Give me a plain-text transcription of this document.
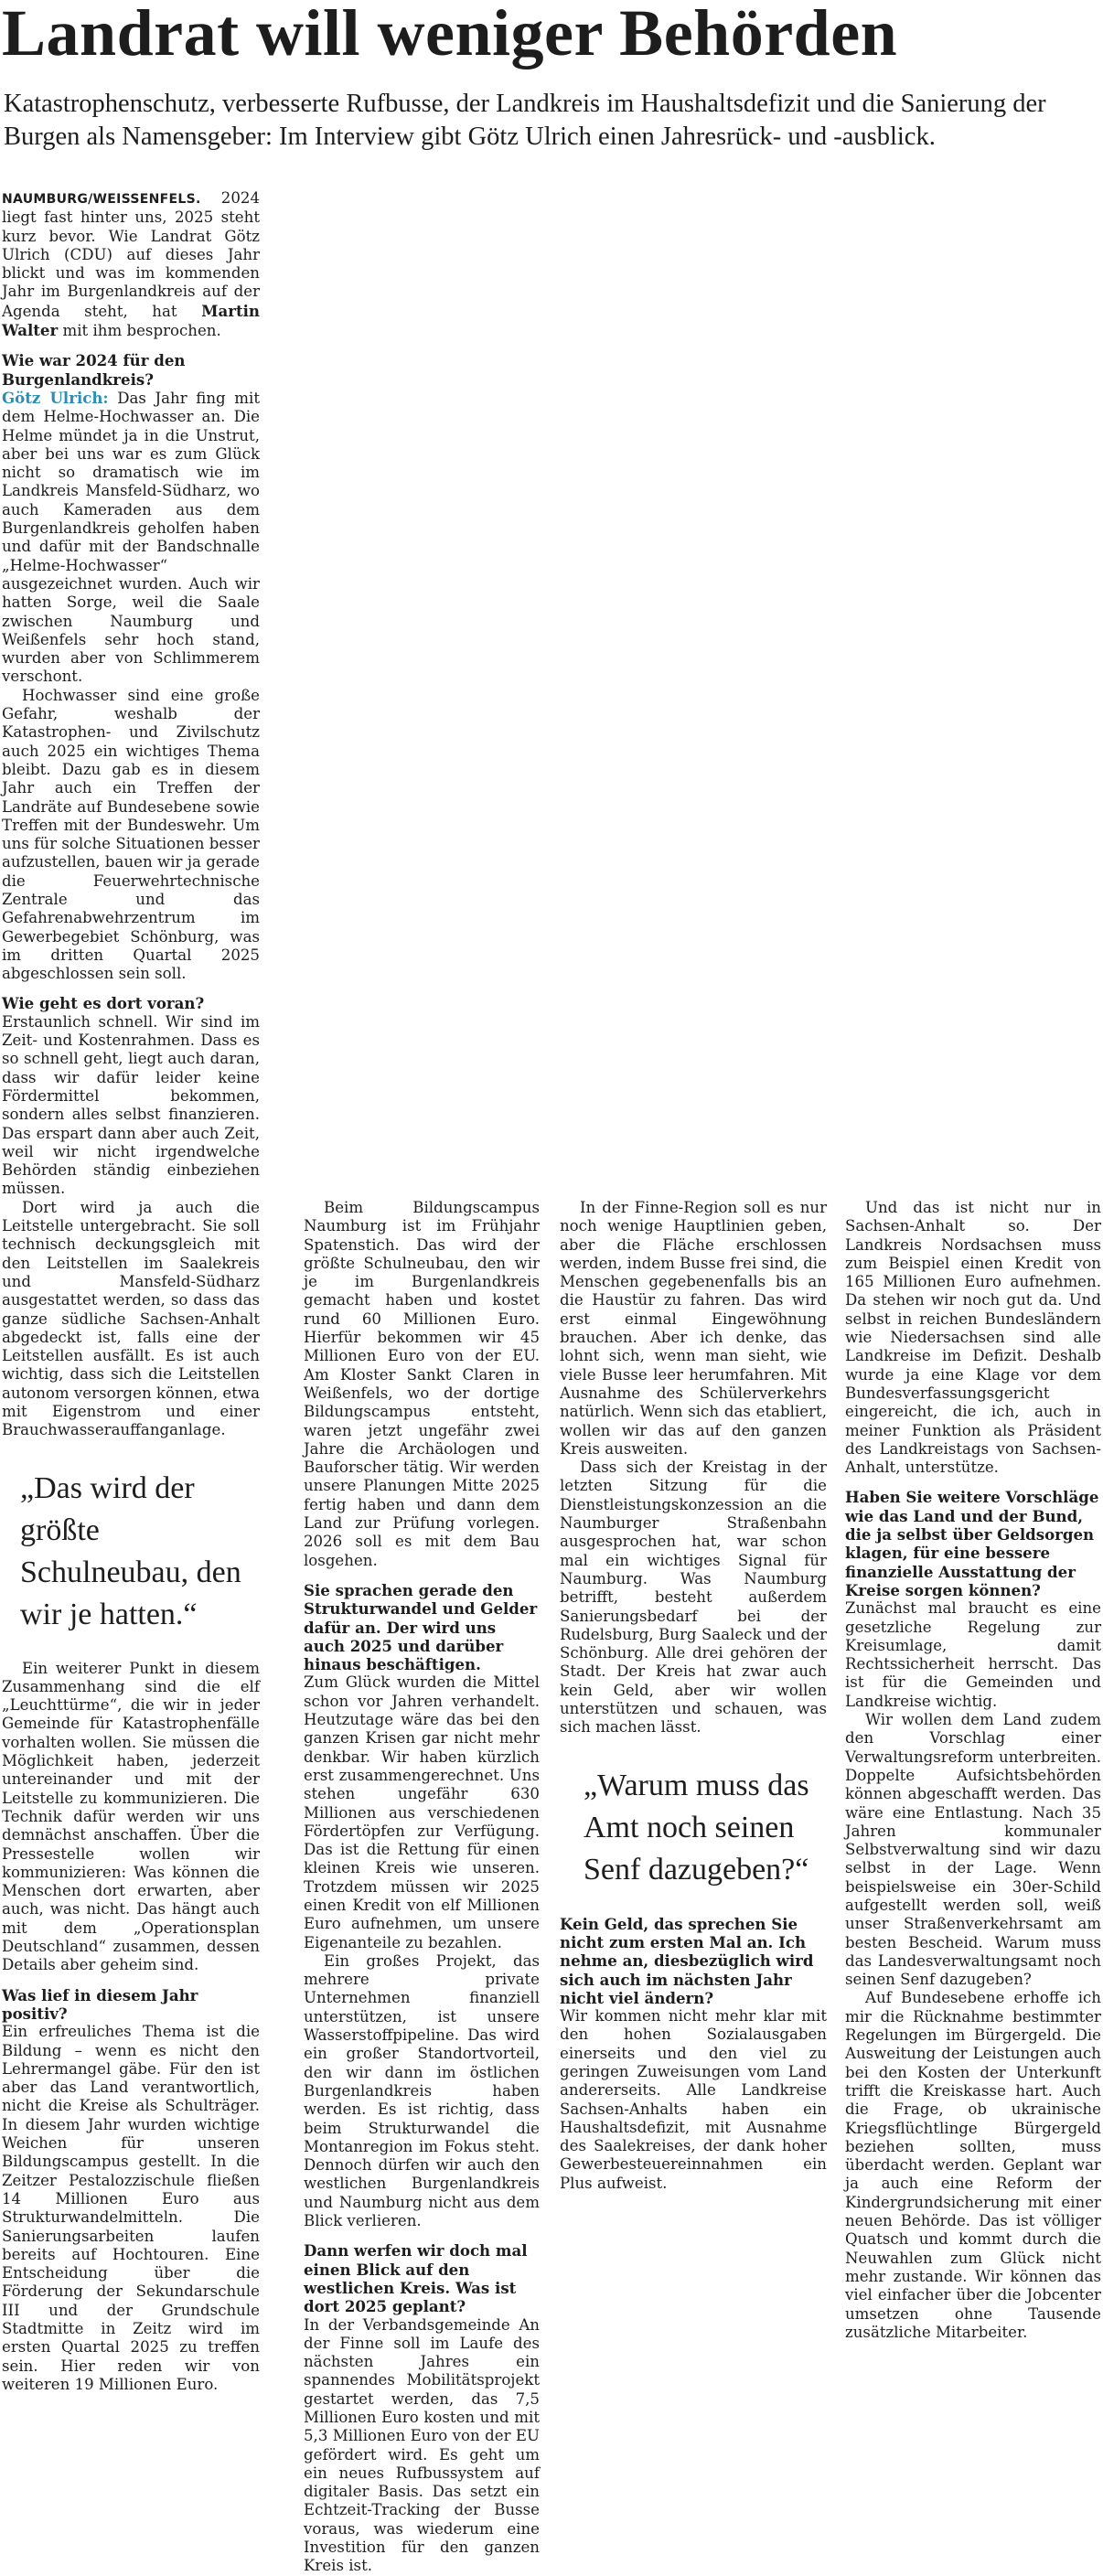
Landrat will weniger Behörden

Katastrophenschutz, verbesserte Rufbusse, der Landkreis im Haushaltsdefizit und die Sanierung der Burgen als Namensgeber: Im Interview gibt Götz Ulrich einen Jahresrück- und -ausblick.

NAUMBURG/WEISSENFELS. 2024 liegt fast hinter uns, 2025 steht kurz bevor. Wie Landrat Götz Ulrich (CDU) auf dieses Jahr blickt und was im kommenden Jahr im Burgenlandkreis auf der Agenda steht, hat Martin Walter mit ihm besprochen.

Wie war 2024 für den Burgenlandkreis?

Götz Ulrich: Das Jahr fing mit dem Helme-Hochwasser an. Die Helme mündet ja in die Unstrut, aber bei uns war es zum Glück nicht so dramatisch wie im Landkreis Mansfeld-Südharz, wo auch Kameraden aus dem Burgenlandkreis geholfen haben und dafür mit der Bandschnalle „Helme-Hochwasser“ ausgezeichnet wurden. Auch wir hatten Sorge, weil die Saale zwischen Naumburg und Weißenfels sehr hoch stand, wurden aber von Schlimmerem verschont.

Hochwasser sind eine große Gefahr, weshalb der Katastrophen- und Zivilschutz auch 2025 ein wichtiges Thema bleibt. Dazu gab es in diesem Jahr auch ein Treffen der Landräte auf Bundesebene sowie Treffen mit der Bundeswehr. Um uns für solche Situationen besser aufzustellen, bauen wir ja gerade die Feuerwehrtechnische Zentrale und das Gefahrenabwehrzentrum im Gewerbegebiet Schönburg, was im dritten Quartal 2025 abgeschlossen sein soll.

Wie geht es dort voran?

Erstaunlich schnell. Wir sind im Zeit- und Kostenrahmen. Dass es so schnell geht, liegt auch daran, dass wir dafür leider keine Fördermittel bekommen, sondern alles selbst finanzieren. Das erspart dann aber auch Zeit, weil wir nicht irgendwelche Behörden ständig einbeziehen müssen.

Dort wird ja auch die Leitstelle untergebracht. Sie soll technisch deckungsgleich mit den Leitstellen im Saalekreis und Mansfeld-Südharz ausgestattet werden, so dass das ganze südliche Sachsen-Anhalt abgedeckt ist, falls eine der Leitstellen ausfällt. Es ist auch wichtig, dass sich die Leitstellen autonom versorgen können, etwa mit Eigenstrom und einer Brauchwasserauffanganlage.

„Das wird der größte Schulneubau, den wir je hatten.“

Ein weiterer Punkt in diesem Zusammenhang sind die elf „Leuchttürme“, die wir in jeder Gemeinde für Katastrophenfälle vorhalten wollen. Sie müssen die Möglichkeit haben, jederzeit untereinander und mit der Leitstelle zu kommunizieren. Die Technik dafür werden wir uns demnächst anschaffen. Über die Pressestelle wollen wir kommunizieren: Was können die Menschen dort erwarten, aber auch, was nicht. Das hängt auch mit dem „Operationsplan Deutschland“ zusammen, dessen Details aber geheim sind.

Was lief in diesem Jahr positiv?

Ein erfreuliches Thema ist die Bildung – wenn es nicht den Lehrermangel gäbe. Für den ist aber das Land verantwortlich, nicht die Kreise als Schulträger. In diesem Jahr wurden wichtige Weichen für unseren Bildungscampus gestellt. In die Zeitzer Pestalozzischule fließen 14 Millionen Euro aus Strukturwandelmitteln. Die Sanierungsarbeiten laufen bereits auf Hochtouren. Eine Entscheidung über die Förderung der Sekundarschule III und der Grundschule Stadtmitte in Zeitz wird im ersten Quartal 2025 zu treffen sein. Hier reden wir von weiteren 19 Millionen Euro.

Beim Bildungscampus Naumburg ist im Frühjahr Spatenstich. Das wird der größte Schulneubau, den wir je im Burgenlandkreis gemacht haben und kostet rund 60 Millionen Euro. Hierfür bekommen wir 45 Millionen Euro von der EU. Am Kloster Sankt Claren in Weißenfels, wo der dortige Bildungscampus entsteht, waren jetzt ungefähr zwei Jahre die Archäologen und Bauforscher tätig. Wir werden unsere Planungen Mitte 2025 fertig haben und dann dem Land zur Prüfung vorlegen. 2026 soll es mit dem Bau losgehen.

Sie sprachen gerade den Strukturwandel und Gelder dafür an. Der wird uns auch 2025 und darüber hinaus beschäftigen.

Zum Glück wurden die Mittel schon vor Jahren verhandelt. Heutzutage wäre das bei den ganzen Krisen gar nicht mehr denkbar. Wir haben kürzlich erst zusammengerechnet. Uns stehen ungefähr 630 Millionen aus verschiedenen Fördertöpfen zur Verfügung. Das ist die Rettung für einen kleinen Kreis wie unseren. Trotzdem müssen wir 2025 einen Kredit von elf Millionen Euro aufnehmen, um unsere Eigenanteile zu bezahlen.

Ein großes Projekt, das mehrere private Unternehmen finanziell unterstützen, ist unsere Wasserstoffpipeline. Das wird ein großer Standortvorteil, den wir dann im östlichen Burgenlandkreis haben werden. Es ist richtig, dass beim Strukturwandel die Montanregion im Fokus steht. Dennoch dürfen wir auch den westlichen Burgenlandkreis und Naumburg nicht aus dem Blick verlieren.

Dann werfen wir doch mal einen Blick auf den westlichen Kreis. Was ist dort 2025 geplant?

In der Verbandsgemeinde An der Finne soll im Laufe des nächsten Jahres ein spannendes Mobilitätsprojekt gestartet werden, das 7,5 Millionen Euro kosten und mit 5,3 Millionen Euro von der EU gefördert wird. Es geht um ein neues Rufbussystem auf digitaler Basis. Das setzt ein Echtzeit-Tracking der Busse voraus, was wiederum eine Investition für den ganzen Kreis ist.

In der Finne-Region soll es nur noch wenige Hauptlinien geben, aber die Fläche erschlossen werden, indem Busse frei sind, die Menschen gegebenenfalls bis an die Haustür zu fahren. Das wird erst einmal Eingewöhnung brauchen. Aber ich denke, das lohnt sich, wenn man sieht, wie viele Busse leer herumfahren. Mit Ausnahme des Schülerverkehrs natürlich. Wenn sich das etabliert, wollen wir das auf den ganzen Kreis ausweiten.

Dass sich der Kreistag in der letzten Sitzung für die Dienstleistungskonzession an die Naumburger Straßenbahn ausgesprochen hat, war schon mal ein wichtiges Signal für Naumburg. Was Naumburg betrifft, besteht außerdem Sanierungsbedarf bei der Rudelsburg, Burg Saaleck und der Schönburg. Alle drei gehören der Stadt. Der Kreis hat zwar auch kein Geld, aber wir wollen unterstützen und schauen, was sich machen lässt.

„Warum muss das Amt noch seinen Senf dazugeben?“
Kein Geld, das sprechen Sie nicht zum ersten Mal an. Ich nehme an, diesbezüglich wird sich auch im nächsten Jahr nicht viel ändern?

Wir kommen nicht mehr klar mit den hohen Sozialausgaben einerseits und den viel zu geringen Zuweisungen vom Land andererseits. Alle Landkreise Sachsen-Anhalts haben ein Haushaltsdefizit, mit Ausnahme des Saalekreises, der dank hoher Gewerbesteuereinnahmen ein Plus aufweist.

Und das ist nicht nur in Sachsen-Anhalt so. Der Landkreis Nordsachsen muss zum Beispiel einen Kredit von 165 Millionen Euro aufnehmen. Da stehen wir noch gut da. Und selbst in reichen Bundesländern wie Niedersachsen sind alle Landkreise im Defizit. Deshalb wurde ja eine Klage vor dem Bundesverfassungsgericht eingereicht, die ich, auch in meiner Funktion als Präsident des Landkreistags von Sachsen-Anhalt, unterstütze.

Haben Sie weitere Vorschläge wie das Land und der Bund, die ja selbst über Geldsorgen klagen, für eine bessere finanzielle Ausstattung der Kreise sorgen können?

Zunächst mal braucht es eine gesetzliche Regelung zur Kreisumlage, damit Rechtssicherheit herrscht. Das ist für die Gemeinden und Landkreise wichtig.

Wir wollen dem Land zudem den Vorschlag einer Verwaltungsreform unterbreiten. Doppelte Aufsichtsbehörden können abgeschafft werden. Das wäre eine Entlastung. Nach 35 Jahren kommunaler Selbstverwaltung sind wir dazu selbst in der Lage. Wenn beispielsweise ein 30er-Schild aufgestellt werden soll, weiß unser Straßenverkehrsamt am besten Bescheid. Warum muss das Landesverwaltungsamt noch seinen Senf dazugeben?

Auf Bundesebene erhoffe ich mir die Rücknahme bestimmter Regelungen im Bürgergeld. Die Ausweitung der Leistungen auch bei den Kosten der Unterkunft trifft die Kreiskasse hart. Auch die Frage, ob ukrainische Kriegsflüchtlinge Bürgergeld beziehen sollten, muss überdacht werden. Geplant war ja auch eine Reform der Kindergrundsicherung mit einer neuen Behörde. Das ist völliger Quatsch und kommt durch die Neuwahlen zum Glück nicht mehr zustande. Wir können das viel einfacher über die Jobcenter umsetzen ohne Tausende zusätzliche Mitarbeiter.
